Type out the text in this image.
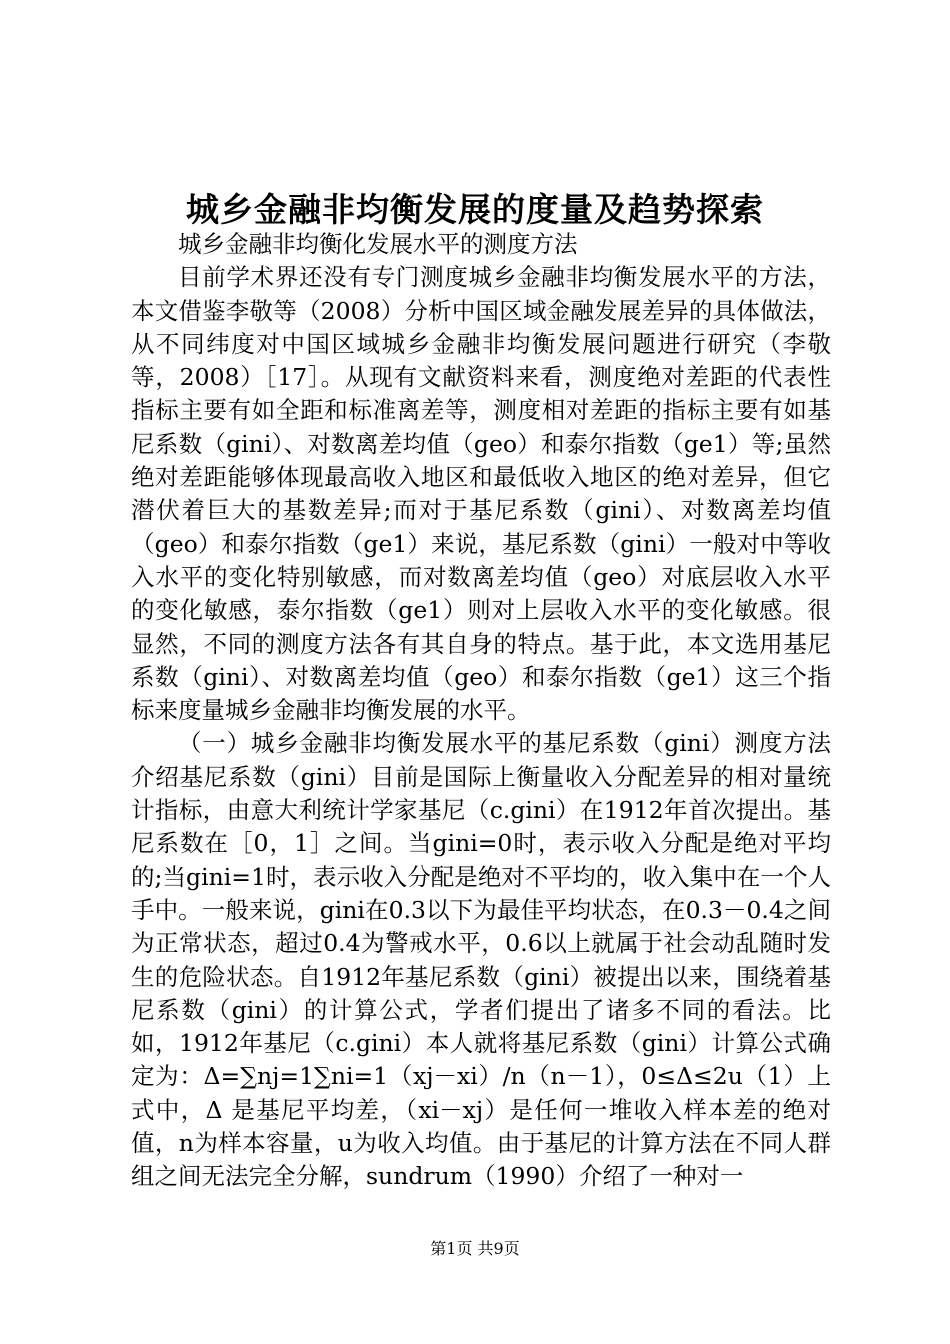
城乡金融非均衡发展的度量及趋势探索

城乡金融非均衡化发展水平的测度方法

目前学术界还没有专门测度城乡金融非均衡发展水平的方法，本文借鉴李敬等（2008）分析中国区域金融发展差异的具体做法，从不同纬度对中国区域城乡金融非均衡发展问题进行研究（李敬等，2008）［17］。从现有文献资料来看，测度绝对差距的代表性指标主要有如全距和标准离差等，测度相对差距的指标主要有如基尼系数（gini）、对数离差均值（geo）和泰尔指数（ge1）等;虽然绝对差距能够体现最高收入地区和最低收入地区的绝对差异，但它潜伏着巨大的基数差异;而对于基尼系数（gini）、对数离差均值（geo）和泰尔指数（ge1）来说，基尼系数（gini）一般对中等收入水平的变化特别敏感，而对数离差均值（geo）对底层收入水平的变化敏感，泰尔指数（ge1）则对上层收入水平的变化敏感。很显然，不同的测度方法各有其自身的特点。基于此，本文选用基尼系数（gini）、对数离差均值（geo）和泰尔指数（ge1）这三个指标来度量城乡金融非均衡发展的水平。

（一）城乡金融非均衡发展水平的基尼系数（gini）测度方法介绍基尼系数（gini）目前是国际上衡量收入分配差异的相对量统计指标，由意大利统计学家基尼（c.gini）在1912年首次提出。基尼系数在［0，1］之间。当gini=0时，表示收入分配是绝对平均的;当gini=1时，表示收入分配是绝对不平均的，收入集中在一个人手中。一般来说，gini在0.3以下为最佳平均状态，在0.3－0.4之间为正常状态，超过0.4为警戒水平，0.6以上就属于社会动乱随时发生的危险状态。自1912年基尼系数（gini）被提出以来，围绕着基尼系数（gini）的计算公式，学者们提出了诸多不同的看法。比如，1912年基尼（c.gini）本人就将基尼系数（gini）计算公式确定为：Δ=∑nj=1∑ni=1（xj－xi）/n（n－1），0≤Δ≤2u（1）上式中，Δ 是基尼平均差，（xi－xj）是任何一堆收入样本差的绝对值，n为样本容量，u为收入均值。由于基尼的计算方法在不同人群组之间无法完全分解，sundrum（1990）介绍了一种对一

第1页 共9页
